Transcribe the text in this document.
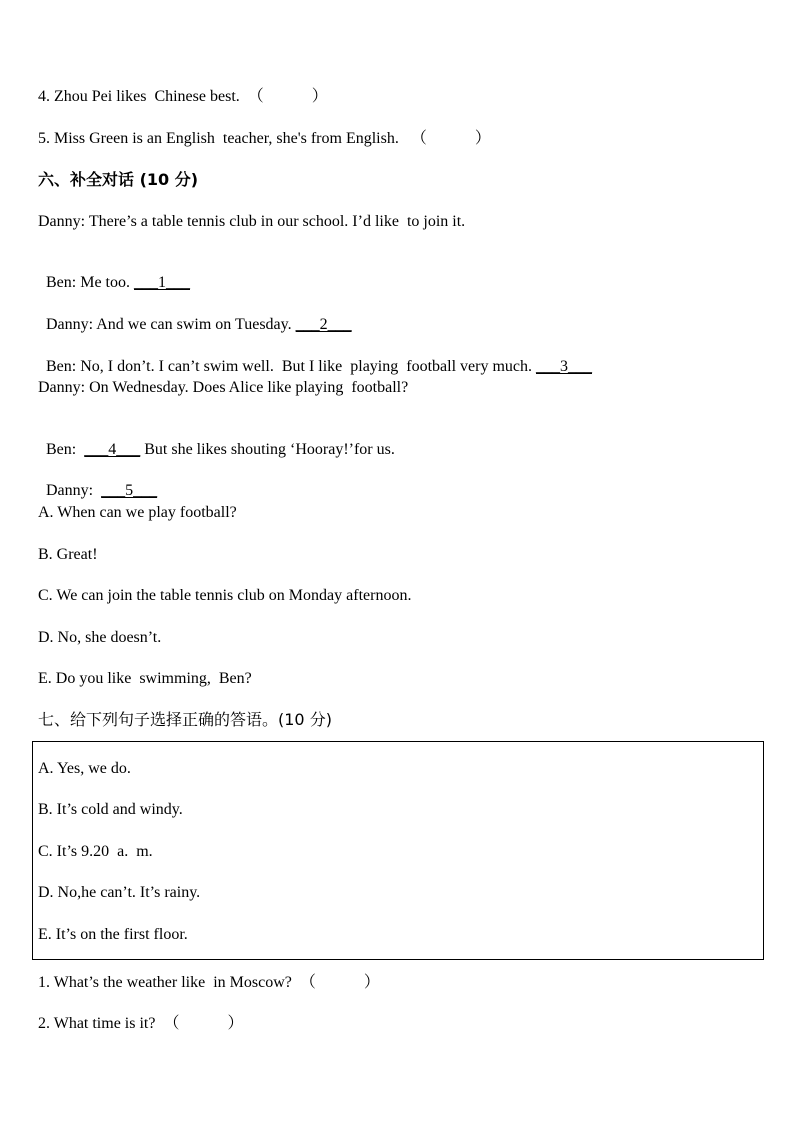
4. Zhou Pei likes  Chinese best.  （            ）
5. Miss Green is an English  teacher, she's from English.   （            ）
六、补全对话 (10 分)
Danny: There’s a table tennis club in our school. I’d like  to join it.

Ben: Me too. ___1___

Danny: And we can swim on Tuesday. ___2___

Ben: No, I don’t. I can’t swim well.  But I like  playing  football very much. ___3___

Danny: On Wednesday. Does Alice like playing  football?

Ben:  ___4___ But she likes shouting ‘Hooray!’for us.

Danny:  ___5___

A. When can we play football?
B. Great!
C. We can join the table tennis club on Monday afternoon.
D. No, she doesn’t.
E. Do you like  swimming,  Ben?
七、给下列句子选择正确的答语。(10 分)
A. Yes, we do.
B. It’s cold and windy.
C. It’s 9.20  a.  m.
D. No,he can’t. It’s rainy.
E. It’s on the first floor.
1. What’s the weather like  in Moscow?  （            ）
2. What time is it?  （            ）
